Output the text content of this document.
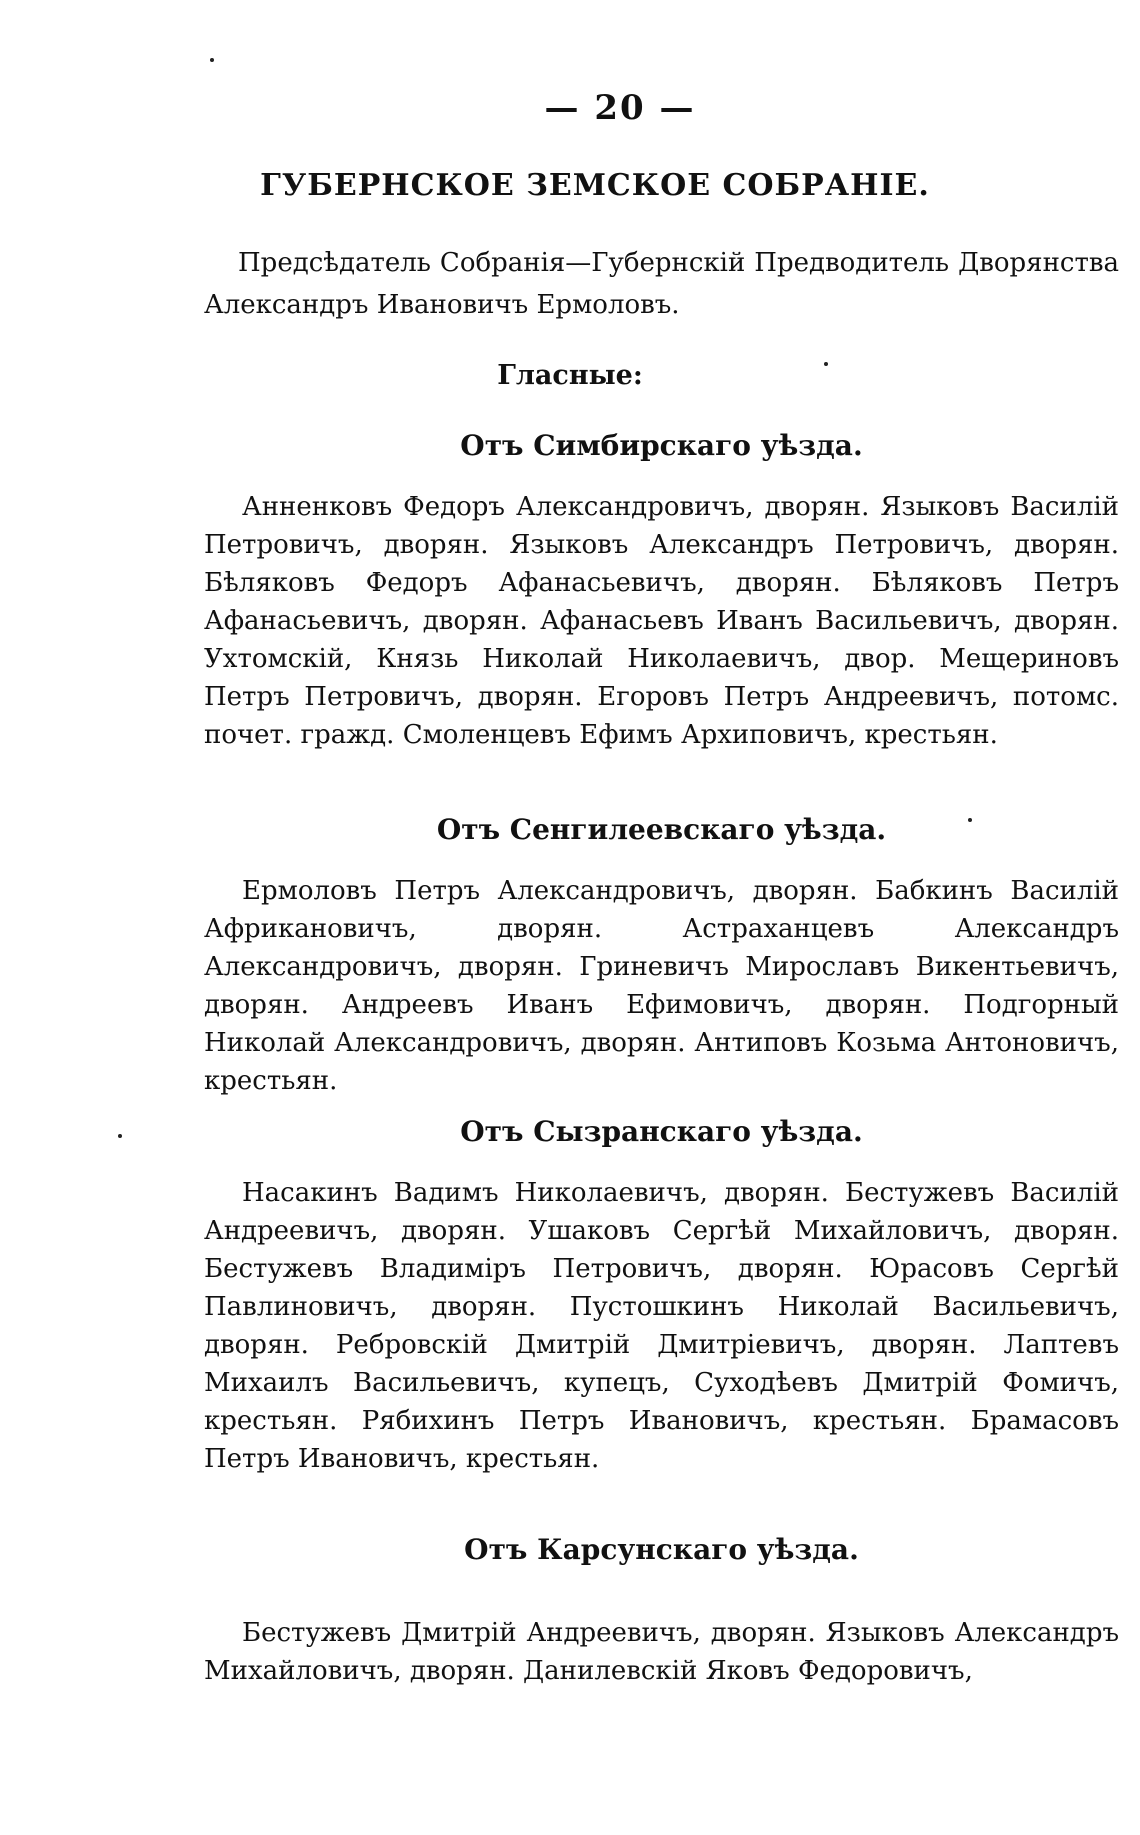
— 20 —
ГУБЕРНСКОЕ ЗЕМСКОЕ СОБРАНІЕ.
Предсѣдатель Собранія—Губернскій Предводитель Дворянства Александръ Ивановичъ Ермоловъ.
Гласные:
Отъ Симбирскаго уѣзда.

Анненковъ Федоръ Александровичъ, дворян. Языковъ Василій Петровичъ, дворян. Языковъ Александръ Петровичъ, дворян. Бѣляковъ Федоръ Афанасьевичъ, дворян. Бѣляковъ Петръ Афанасьевичъ, дворян. Афанасьевъ Иванъ Васильевичъ, дворян. Ухтомскій, Князь Николай Николаевичъ, двор. Мещериновъ Петръ Петровичъ, дворян. Егоровъ Петръ Андреевичъ, потомс. почет. гражд. Смоленцевъ Ефимъ Архиповичъ, крестьян.

Отъ Сенгилеевскаго уѣзда.

Ермоловъ Петръ Александровичъ, дворян. Бабкинъ Василій Африкановичъ, дворян. Астраханцевъ Александръ Александровичъ, дворян. Гриневичъ Мирославъ Викентьевичъ, дворян. Андреевъ Иванъ Ефимовичъ, дворян. Подгорный Николай Александровичъ, дворян. Антиповъ Козьма Антоновичъ, крестьян.

Отъ Сызранскаго уѣзда.

Насакинъ Вадимъ Николаевичъ, дворян. Бестужевъ Василій Андреевичъ, дворян. Ушаковъ Сергѣй Михайловичъ, дворян. Бестужевъ Владиміръ Петровичъ, дворян. Юрасовъ Сергѣй Павлиновичъ, дворян. Пустошкинъ Николай Васильевичъ, дворян. Ребровскій Дмитрій Дмитріевичъ, дворян. Лаптевъ Михаилъ Васильевичъ, купецъ, Суходѣевъ Дмитрій Фомичъ, крестьян. Рябихинъ Петръ Ивановичъ, крестьян. Брамасовъ Петръ Ивановичъ, крестьян.

Отъ Карсунскаго уѣзда.

Бестужевъ Дмитрій Андреевичъ, дворян. Языковъ Александръ Михайловичъ, дворян. Данилевскій Яковъ Федоровичъ,
